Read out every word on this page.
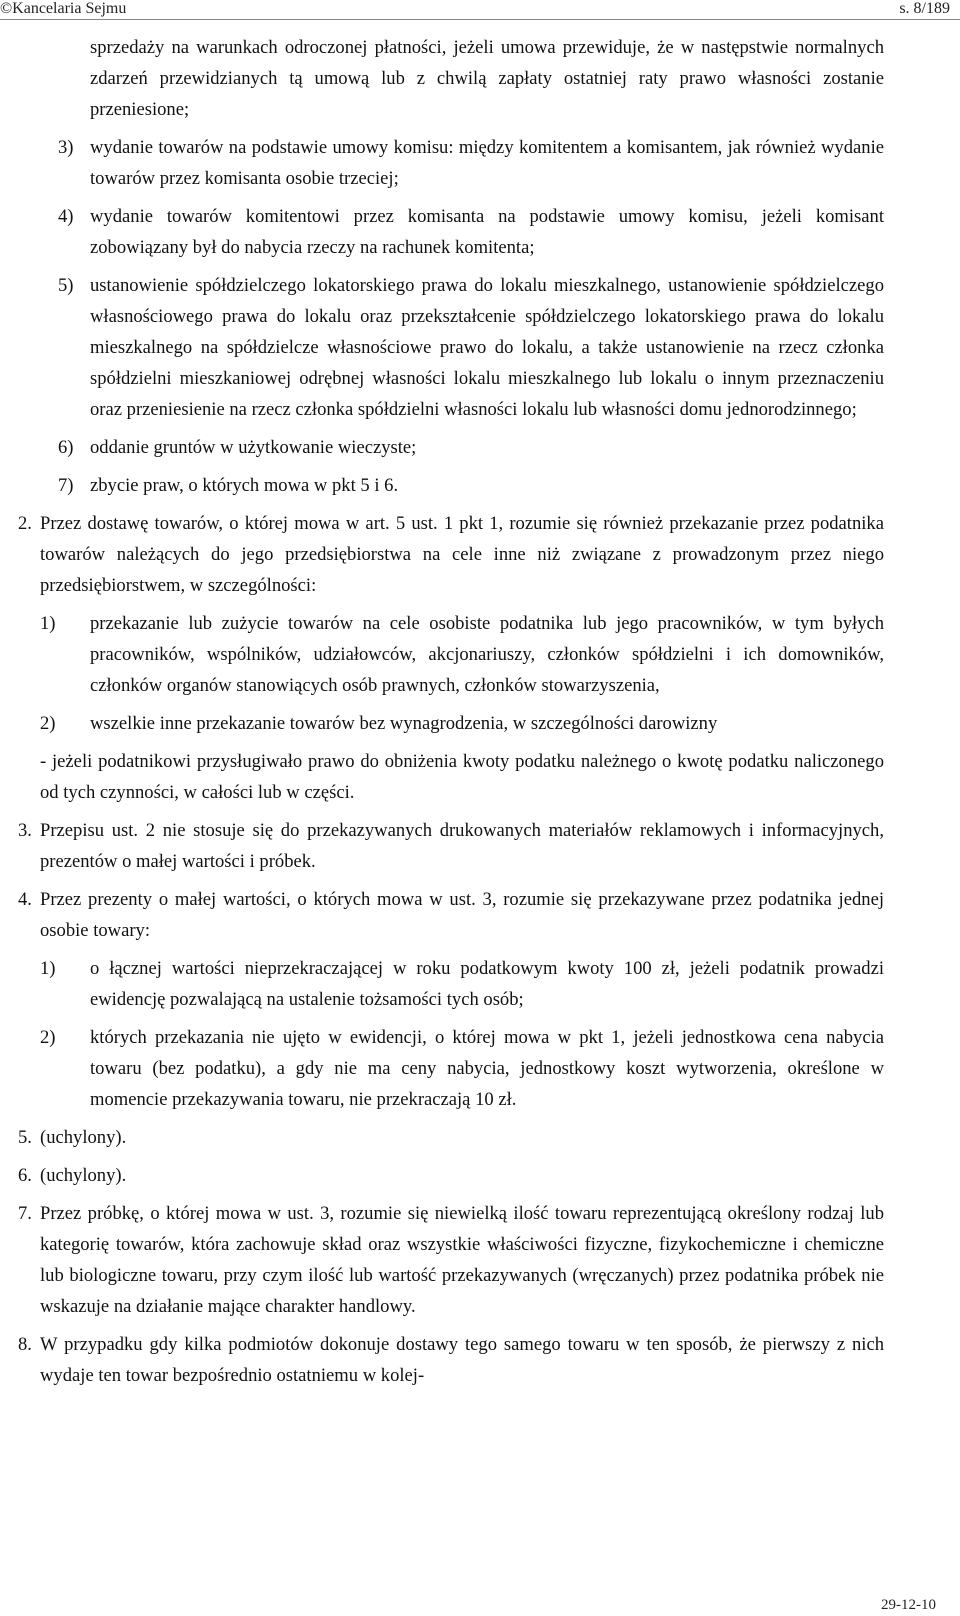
©Kancelaria Sejmu	s. 8/189
sprzedaży na warunkach odroczonej płatności, jeżeli umowa przewiduje, że w następstwie normalnych zdarzeń przewidzianych tą umową lub z chwilą zapłaty ostatniej raty prawo własności zostanie przeniesione;
3) wydanie towarów na podstawie umowy komisu: między komitentem a komisantem, jak również wydanie towarów przez komisanta osobie trzeciej;
4) wydanie towarów komitentowi przez komisanta na podstawie umowy komisu, jeżeli komisant zobowiązany był do nabycia rzeczy na rachunek komitenta;
5) ustanowienie spółdzielczego lokatorskiego prawa do lokalu mieszkalnego, ustanowienie spółdzielczego własnościowego prawa do lokalu oraz przekształcenie spółdzielczego lokatorskiego prawa do lokalu mieszkalnego na spółdzielcze własnościowe prawo do lokalu, a także ustanowienie na rzecz członka spółdzielni mieszkaniowej odrębnej własności lokalu mieszkalnego lub lokalu o innym przeznaczeniu oraz przeniesienie na rzecz członka spółdzielni własności lokalu lub własności domu jednorodzinnego;
6) oddanie gruntów w użytkowanie wieczyste;
7) zbycie praw, o których mowa w pkt 5 i 6.
2. Przez dostawę towarów, o której mowa w art. 5 ust. 1 pkt 1, rozumie się również przekazanie przez podatnika towarów należących do jego przedsiębiorstwa na cele inne niż związane z prowadzonym przez niego przedsiębiorstwem, w szczególności:
1) przekazanie lub zużycie towarów na cele osobiste podatnika lub jego pracowników, w tym byłych pracowników, wspólników, udziałowców, akcjonariuszy, członków spółdzielni i ich domowników, członków organów stanowiących osób prawnych, członków stowarzyszenia,
2) wszelkie inne przekazanie towarów bez wynagrodzenia, w szczególności darowizny
- jeżeli podatnikowi przysługiwało prawo do obniżenia kwoty podatku należnego o kwotę podatku naliczonego od tych czynności, w całości lub w części.
3. Przepisu ust. 2 nie stosuje się do przekazywanych drukowanych materiałów reklamowych i informacyjnych, prezentów o małej wartości i próbek.
4. Przez prezenty o małej wartości, o których mowa w ust. 3, rozumie się przekazywane przez podatnika jednej osobie towary:
1) o łącznej wartości nieprzekraczającej w roku podatkowym kwoty 100 zł, jeżeli podatnik prowadzi ewidencję pozwalającą na ustalenie tożsamości tych osób;
2) których przekazania nie ujęto w ewidencji, o której mowa w pkt 1, jeżeli jednostkowa cena nabycia towaru (bez podatku), a gdy nie ma ceny nabycia, jednostkowy koszt wytworzenia, określone w momencie przekazywania towaru, nie przekraczają 10 zł.
5. (uchylony).
6. (uchylony).
7. Przez próbkę, o której mowa w ust. 3, rozumie się niewielką ilość towaru reprezentującą określony rodzaj lub kategorię towarów, która zachowuje skład oraz wszystkie właściwości fizyczne, fizykochemiczne i chemiczne lub biologiczne towaru, przy czym ilość lub wartość przekazywanych (wręczanych) przez podatnika próbek nie wskazuje na działanie mające charakter handlowy.
8. W przypadku gdy kilka podmiotów dokonuje dostawy tego samego towaru w ten sposób, że pierwszy z nich wydaje ten towar bezpośrednio ostatniemu w kolej-
29-12-10
